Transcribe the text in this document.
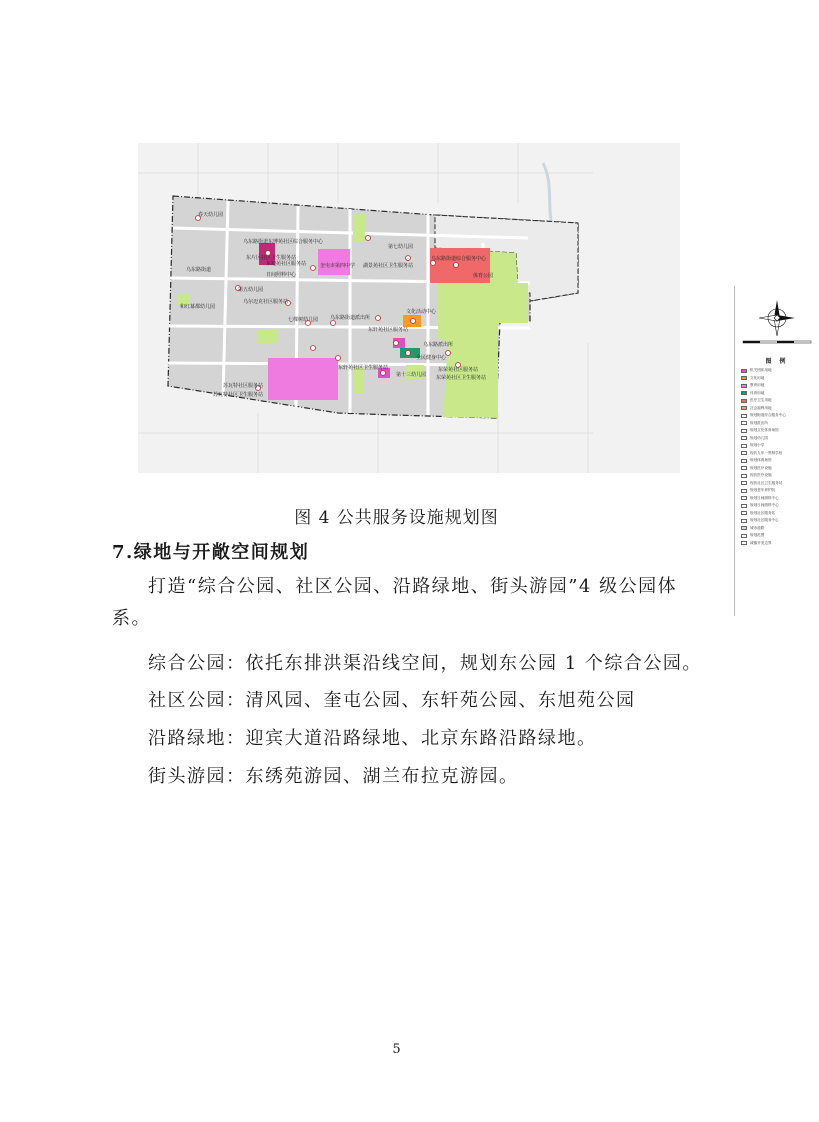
春天幼儿园
乌东路街道东博苑社区综合服务中心
乌东路街道
第七幼儿园
东片区社区卫生服务站
日间照料中心
东旭苑社区服务站	奎屯市第四中学 湖景苑社区卫生服务站
乌东路街道综合服务中心
体育公园
第五幼儿园
乌尔迈克社区服务站
和红幕都幼儿园
七棵树幼儿园 乌东路街道派出所
文化活动中心
东轩苑社区服务站
乌东路派出所
东轩苑社区卫生服务站
全民健身中心
第十三幼儿园
东荣苑社区服务站
东荣苑社区卫生服务站
苏瓦特社区服务站
苏瓦特社区卫生服务站
图 例
机关团体用地
文化用地
教育用地
体育用地
医疗卫生用地
社会福利用地
规划街道综合服务中心
规划派出所
规划文化体育场馆
规划幼儿园
规划小学
现状九年一贯制学校
规划体育场馆
规划医疗设施
现状医疗设施
现状社区卫生服务站
规划老年养护院
规划日间照料中心
规划日间照料中心
规划社区服务站
规划社区服务中心
城市道路
规划范围
城镇开发边界

图 4 公共服务设施规划图

7.绿地与开敞空间规划

打造“综合公园、社区公园、沿路绿地、街头游园”4 级公园体系。

综合公园：依托东排洪渠沿线空间，规划东公园 1 个综合公园。

社区公园：清风园、奎屯公园、东轩苑公园、东旭苑公园

沿路绿地：迎宾大道沿路绿地、北京东路沿路绿地。

街头游园：东绣苑游园、湖兰布拉克游园。

5
